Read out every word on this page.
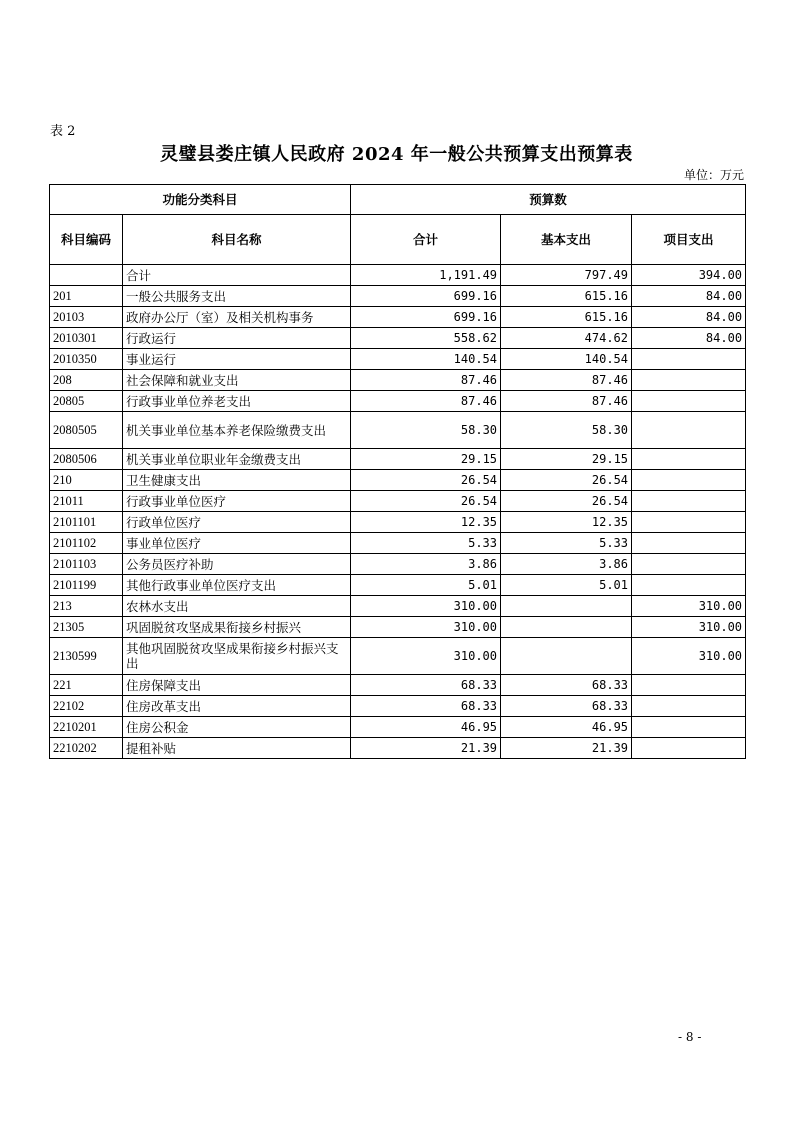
表 2
灵璧县娄庄镇人民政府 2024 年一般公共预算支出预算表
单位：万元
功能分类科目		预算数		
科目编码	科目名称	合计	基本支出	项目支出
	合计	1,191.49	797.49	394.00
201	一般公共服务支出	699.16	615.16	84.00
20103	政府办公厅（室）及相关机构事务	699.16	615.16	84.00
2010301	行政运行	558.62	474.62	84.00
2010350	事业运行	140.54	140.54	
208	社会保障和就业支出	87.46	87.46	
20805	行政事业单位养老支出	87.46	87.46	
2080505	机关事业单位基本养老保险缴费支出	58.30	58.30	
2080506	机关事业单位职业年金缴费支出	29.15	29.15	
210	卫生健康支出	26.54	26.54	
21011	行政事业单位医疗	26.54	26.54	
2101101	行政单位医疗	12.35	12.35	
2101102	事业单位医疗	5.33	5.33	
2101103	公务员医疗补助	3.86	3.86	
2101199	其他行政事业单位医疗支出	5.01	5.01	
213	农林水支出	310.00		310.00
21305	巩固脱贫攻坚成果衔接乡村振兴	310.00		310.00
2130599	其他巩固脱贫攻坚成果衔接乡村振兴支出	310.00		310.00
221	住房保障支出	68.33	68.33	
22102	住房改革支出	68.33	68.33	
2210201	住房公积金	46.95	46.95	
2210202	提租补贴	21.39	21.39	
- 8 -
